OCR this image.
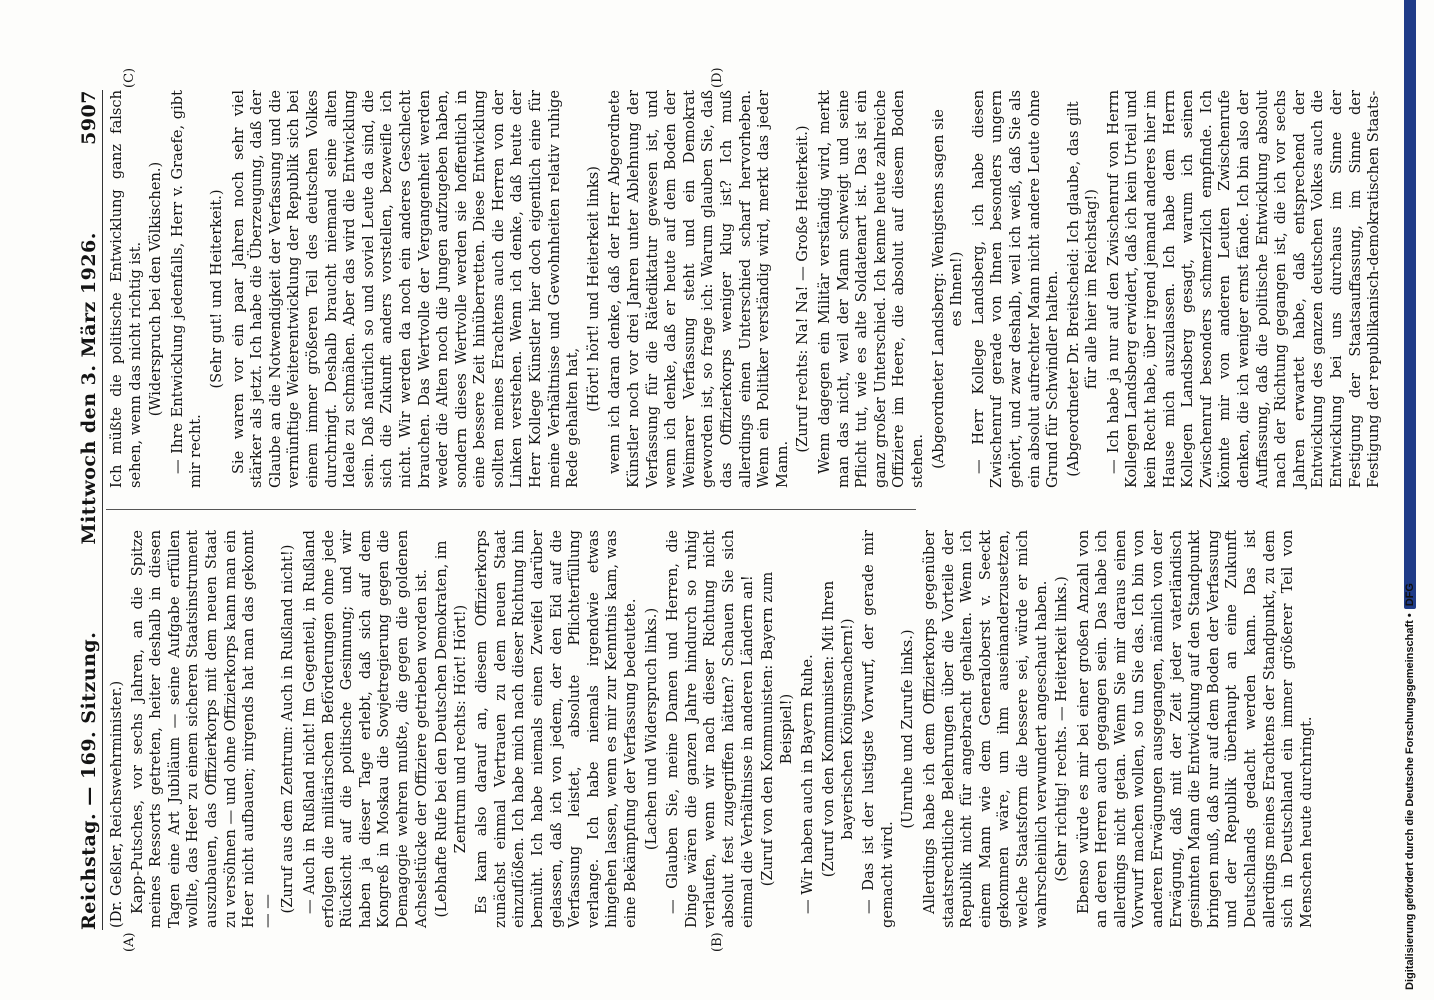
Reichstag. — 169. Sitzung.
Mittwoch den 3. März 1926.
5907

(Dr. Geßler, Reichswehrminister.) Kapp-Putsches, vor sechs Jahren, an die Spitze meines Ressorts getreten, heiter deshalb in diesen Tagen eine Art Jubiläum — seine Aufgabe erfüllen wollte, das Heer zu einem sicheren Staatsinstrument auszubauen, das Offizierkorps mit dem neuen Staat zu versöhnen — und ohne Offizierkorps kann man ein Heer nicht aufbauen; nirgends hat man das gekonnt — — (Zuruf aus dem Zentrum: Auch in Rußland nicht!) — Auch in Rußland nicht! Im Gegenteil, in Rußland erfolgen die militärischen Beförderungen ohne jede Rücksicht auf die politische Gesinnung; und wir haben ja dieser Tage erlebt, daß sich auf dem Kongreß in Moskau die Sowjetregierung gegen die Demagogie wehren mußte, die gegen die goldenen Achselstücke der Offiziere getrieben worden ist. (Lebhafte Rufe bei den Deutschen Demokraten, im Zentrum und rechts: Hört! Hört!) Es kam also darauf an, diesem Offizierkorps zunächst einmal Vertrauen zu dem neuen Staat einzuflößen. Ich habe mich nach dieser Richtung hin bemüht. Ich habe niemals einen Zweifel darüber gelassen, daß ich von jedem, der den Eid auf die Verfassung leistet, absolute Pflichterfüllung verlange. Ich habe niemals irgendwie etwas hingehen lassen, wenn es mir zur Kenntnis kam, was eine Bekämpfung der Verfassung bedeutete. (Lachen und Widerspruch links.) — Glauben Sie, meine Damen und Herren, die Dinge wären die ganzen Jahre hindurch so ruhig verlaufen, wenn wir nach dieser Richtung nicht absolut fest zugegriffen hätten? Schauen Sie sich einmal die Verhältnisse in anderen Ländern an! (Zuruf von den Kommunisten: Bayern zum Beispiel!) — Wir haben auch in Bayern Ruhe. (Zuruf von den Kommunisten: Mit Ihren bayerischen Königsmachern!) — Das ist der lustigste Vorwurf, der gerade mir gemacht wird.

(Unruhe und Zurufe links.) Allerdings habe ich dem Offizierkorps gegenüber staatsrechtliche Belehrungen über die Vorteile der Republik nicht für angebracht gehalten. Wenn ich einem Mann wie dem Generaloberst v. Seeckt gekommen wäre, um ihm auseinanderzusetzen, welche Staatsform die bessere sei, würde er mich wahrscheinlich verwundert angeschaut haben. (Sehr richtig! rechts. — Heiterkeit links.) Ebenso würde es mir bei einer großen Anzahl von an deren Herren auch gegangen sein. Das habe ich allerdings nicht getan. Wenn Sie mir daraus einen Vorwurf machen wollen, so tun Sie das. Ich bin von anderen Erwägungen ausgegangen, nämlich von der Erwägung, daß mit der Zeit jeder vaterländisch gesinnten Mann die Entwicklung auf den Standpunkt bringen muß, daß nur auf dem Boden der Verfassung und der Republik überhaupt an eine Zukunft Deutschlands gedacht werden kann. Das ist allerdings meines Erachtens der Standpunkt, zu dem sich in Deutschland ein immer größerer Teil von Menschen heute durchringt.

Ich müßte die politische Entwicklung ganz falsch sehen, wenn das nicht richtig ist. (Widerspruch bei den Völkischen.) — Ihre Entwicklung jedenfalls, Herr v. Graefe, gibt mir recht.

(Sehr gut! und Heiterkeit.) Sie waren vor ein paar Jahren noch sehr viel stärker als jetzt. Ich habe die Überzeugung, daß der Glaube an die Notwendigkeit der Verfassung und die vernünftige Weiterentwicklung der Republik sich bei einem immer größeren Teil des deutschen Volkes durchringt. Deshalb braucht niemand seine alten Ideale zu schmähen. Aber das wird die Entwicklung sein. Daß natürlich so und soviel Leute da sind, die sich die Zukunft anders vorstellen, bezweifle ich nicht. Wir werden da noch ein anderes Geschlecht brauchen. Das Wertvolle der Vergangenheit werden weder die Alten noch die Jungen aufzugeben haben, sondern dieses Wertvolle werden sie hoffentlich in eine bessere Zeit hinüberretten. Diese Entwicklung sollten meines Erachtens auch die Herren von der Linken verstehen. Wenn ich denke, daß heute der Herr Kollege Künstler hier doch eigentlich eine für meine Verhältnisse und Gewohnheiten relativ ruhige Rede gehalten hat,

(Hört! hört! und Heiterkeit links) wenn ich daran denke, daß der Herr Abgeordnete Künstler noch vor drei Jahren unter Ablehnung der Verfassung für die Rätediktatur gewesen ist, und wenn ich denke, daß er heute auf dem Boden der Weimarer Verfassung steht und ein Demokrat geworden ist, so frage ich: Warum glauben Sie, daß das Offizierkorps weniger klug ist? Ich muß allerdings einen Unterschied scharf hervorheben. Wenn ein Politiker verständig wird, merkt das jeder Mann.

(Zuruf rechts: Na! Na! — Große Heiterkeit.) Wenn dagegen ein Militär verständig wird, merkt man das nicht, weil der Mann schweigt und seine Pflicht tut, wie es alte Soldatenart ist. Das ist ein ganz großer Unterschied. Ich kenne heute zahlreiche Offiziere im Heere, die absolut auf diesem Boden stehen. (Abgeordneter Landsberg: Wenigstens sagen sie es Ihnen!) — Herr Kollege Landsberg, ich habe diesen Zwischenruf gerade von Ihnen besonders ungern gehört, und zwar deshalb, weil ich weiß, daß Sie als ein absolut aufrechter Mann nicht andere Leute ohne Grund für Schwindler halten. (Abgeordneter Dr. Breitscheid: Ich glaube, das gilt für alle hier im Reichstag!) — Ich habe ja nur auf den Zwischenruf von Herrn Kollegen Landsberg erwidert, daß ich kein Urteil und kein Recht habe, über irgend jemand anderes hier im Hause mich auszulassen. Ich habe dem Herrn Kollegen Landsberg gesagt, warum ich seinen Zwischenruf besonders schmerzlich empfinde. Ich könnte mir von anderen Leuten Zwischenrufe denken, die ich weniger ernst fände. Ich bin also der Auffassung, daß die politische Entwicklung absolut nach der Richtung gegangen ist, die ich vor sechs Jahren erwartet habe, daß entsprechend der Entwicklung des ganzen deutschen Volkes auch die Entwicklung bei uns durchaus im Sinne der Festigung der Staatsauffassung, im Sinne der Festigung der republikanisch-demokratischen Staats-

(A)	(B)
(C)	(D)
Digitalisierung gefördert durch die Deutsche Forschungsgemeinschaft •DFG
